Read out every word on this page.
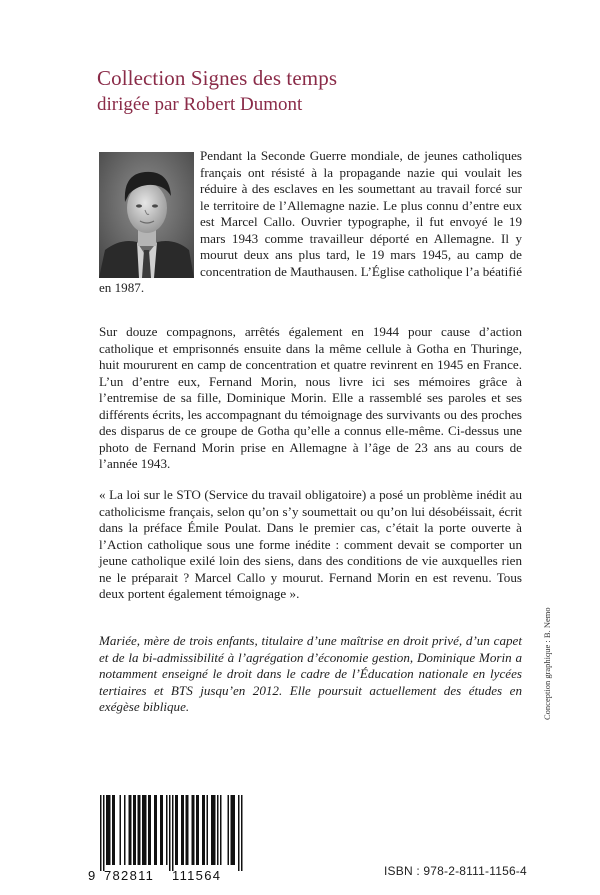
Collection Signes des temps
dirigée par Robert Dumont

Pendant la Seconde Guerre mondiale, de jeunes catholiques français ont résisté à la propagande nazie qui voulait les réduire à des esclaves en les soumettant au travail forcé sur le territoire de l’Allemagne nazie. Le plus connu d’entre eux est Marcel Callo. Ouvrier typographe, il fut envoyé le 19 mars 1943 comme travailleur déporté en Allemagne. Il y mourut deux ans plus tard, le 19 mars 1945, au camp de concentration de Mauthausen. L’Église catholique l’a béatifié en 1987.

Sur douze compagnons, arrêtés également en 1944 pour cause d’action catholique et emprisonnés ensuite dans la même cellule à Gotha en Thuringe, huit moururent en camp de concentration et quatre revinrent en 1945 en France. L’un d’entre eux, Fernand Morin, nous livre ici ses mémoires grâce à l’entremise de sa fille, Dominique Morin. Elle a rassemblé ses paroles et ses différents écrits, les accompagnant du témoignage des survivants ou des proches des disparus de ce groupe de Gotha qu’elle a connus elle-même. Ci-dessus une photo de Fernand Morin prise en Allemagne à l’âge de 23 ans au cours de l’année 1943.

« La loi sur le STO (Service du travail obligatoire) a posé un problème inédit au catholicisme français, selon qu’on s’y soumettait ou qu’on lui désobéissait, écrit dans la préface Émile Poulat. Dans le premier cas, c’était la porte ouverte à l’Action catholique sous une forme inédite : comment devait se comporter un jeune catholique exilé loin des siens, dans des conditions de vie auxquelles rien ne le préparait ? Marcel Callo y mourut. Fernand Morin en est revenu. Tous deux portent également témoignage ».

Mariée, mère de trois enfants, titulaire d’une maîtrise en droit privé, d’un capet et de la bi-admissibilité à l’agrégation d’économie gestion, Dominique Morin a notamment enseigné le droit dans le cadre de l’Éducation nationale en lycées tertiaires et BTS jusqu’en 2012. Elle poursuit actuellement des études en exégèse biblique.	Conception graphique : B. Nemo
9 782811 111564	ISBN : 978-2-8111-1156-4
